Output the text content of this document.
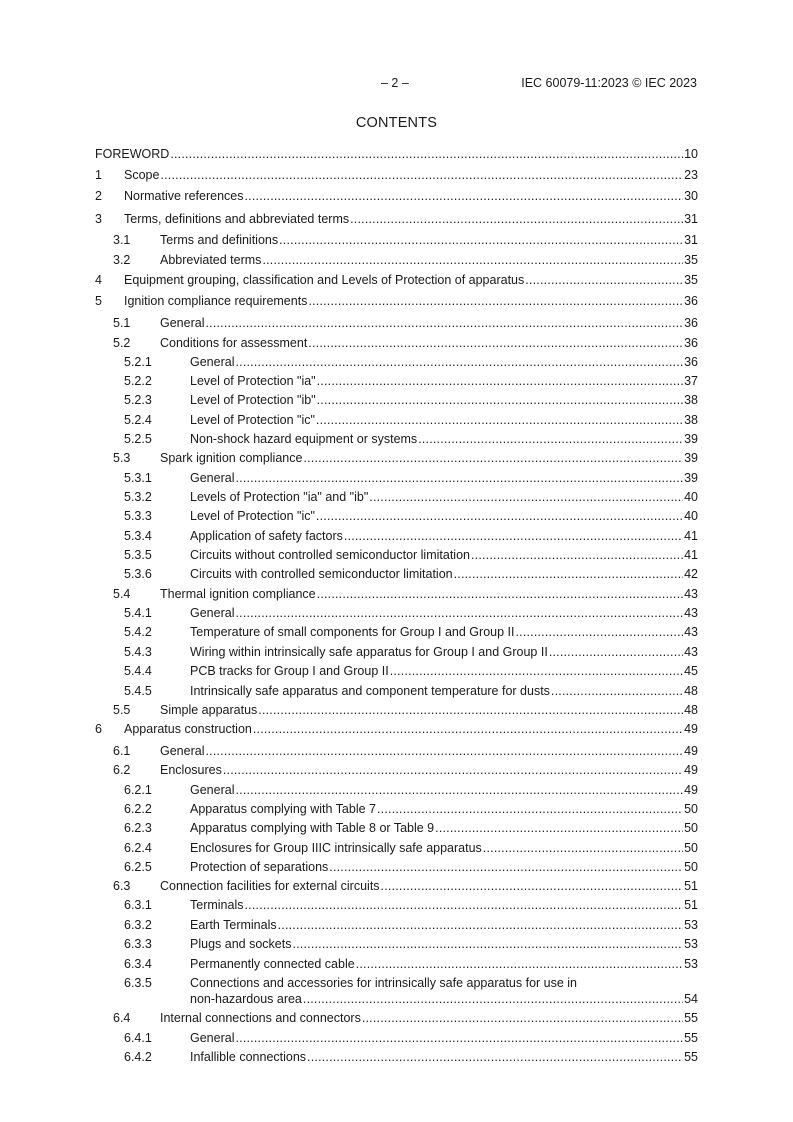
– 2 –	IEC 60079-11:2023 © IEC 2023
CONTENTS
FOREWORD .....	10
1 Scope .....	23
2 Normative references .....	30
3 Terms, definitions and abbreviated terms .....	31
3.1 Terms and definitions .....	31
3.2 Abbreviated terms .....	35
4 Equipment grouping, classification and Levels of Protection of apparatus .....	35
5 Ignition compliance requirements .....	36
5.1 General .....	36
5.2 Conditions for assessment .....	36
5.2.1	General .....	36
5.2.2	Level of Protection "ia" .....	37
5.2.3	Level of Protection "ib" .....	38
5.2.4	Level of Protection "ic" .....	38
5.2.5	Non-shock hazard equipment or systems .....	39
5.3 Spark ignition compliance .....	39
5.3.1	General .....	39
5.3.2	Levels of Protection "ia" and "ib" .....	40
5.3.3	Level of Protection "ic" .....	40
5.3.4	Application of safety factors .....	41
5.3.5	Circuits without controlled semiconductor limitation .....	41
5.3.6	Circuits with controlled semiconductor limitation .....	42
5.4 Thermal ignition compliance .....	43
5.4.1	General .....	43
5.4.2	Temperature of small components for Group I and Group II .....	43
5.4.3	Wiring within intrinsically safe apparatus for Group I and Group II .....	43
5.4.4	PCB tracks for Group I and Group II .....	45
5.4.5	Intrinsically safe apparatus and component temperature for dusts .....	48
5.5 Simple apparatus .....	48
6 Apparatus construction .....	49
6.1 General .....	49
6.2 Enclosures .....	49
6.2.1	General .....	49
6.2.2	Apparatus complying with Table 7 .....	50
6.2.3	Apparatus complying with Table 8 or Table 9 .....	50
6.2.4	Enclosures for Group IIIC intrinsically safe apparatus .....	50
6.2.5	Protection of separations .....	50
6.3 Connection facilities for external circuits .....	51
6.3.1	Terminals .....	51
6.3.2	Earth Terminals .....	53
6.3.3	Plugs and sockets .....	53
6.3.4	Permanently connected cable .....	53
6.3.5	Connections and accessories for intrinsically safe apparatus for use in
non-hazardous area .....	54
6.4 Internal connections and connectors .....	55
6.4.1	General .....	55
6.4.2	Infallible connections .....	55
